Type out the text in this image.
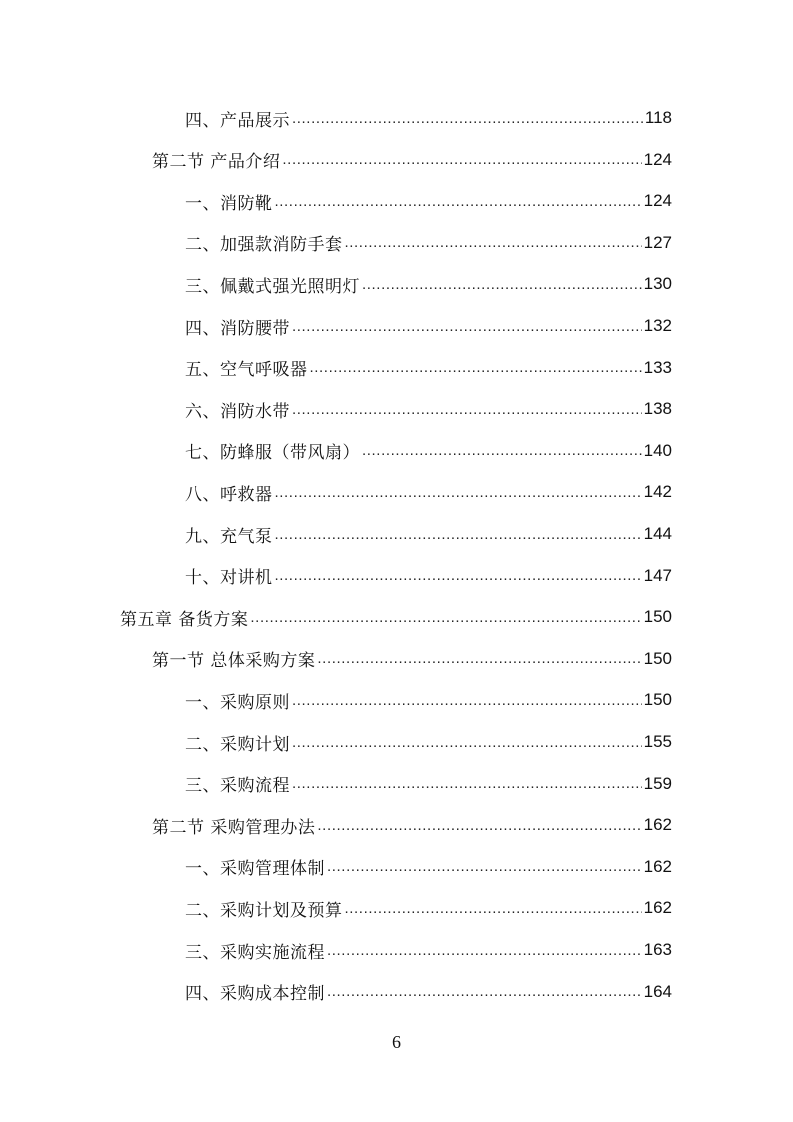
四、产品展示 .....	118
第二节 产品介绍 .....	124
一、消防靴 .....	124
二、加强款消防手套 .....	127
三、佩戴式强光照明灯 .....	130
四、消防腰带 .....	132
五、空气呼吸器 .....	133
六、消防水带 .....	138
七、防蜂服（带风扇） .....	140
八、呼救器 .....	142
九、充气泵 .....	144
十、对讲机 .....	147
第五章 备货方案 .....	150
第一节 总体采购方案 .....	150
一、采购原则 .....	150
二、采购计划 .....	155
三、采购流程 .....	159
第二节 采购管理办法 .....	162
一、采购管理体制 .....	162
二、采购计划及预算 .....	162
三、采购实施流程 .....	163
四、采购成本控制 .....	164
6
